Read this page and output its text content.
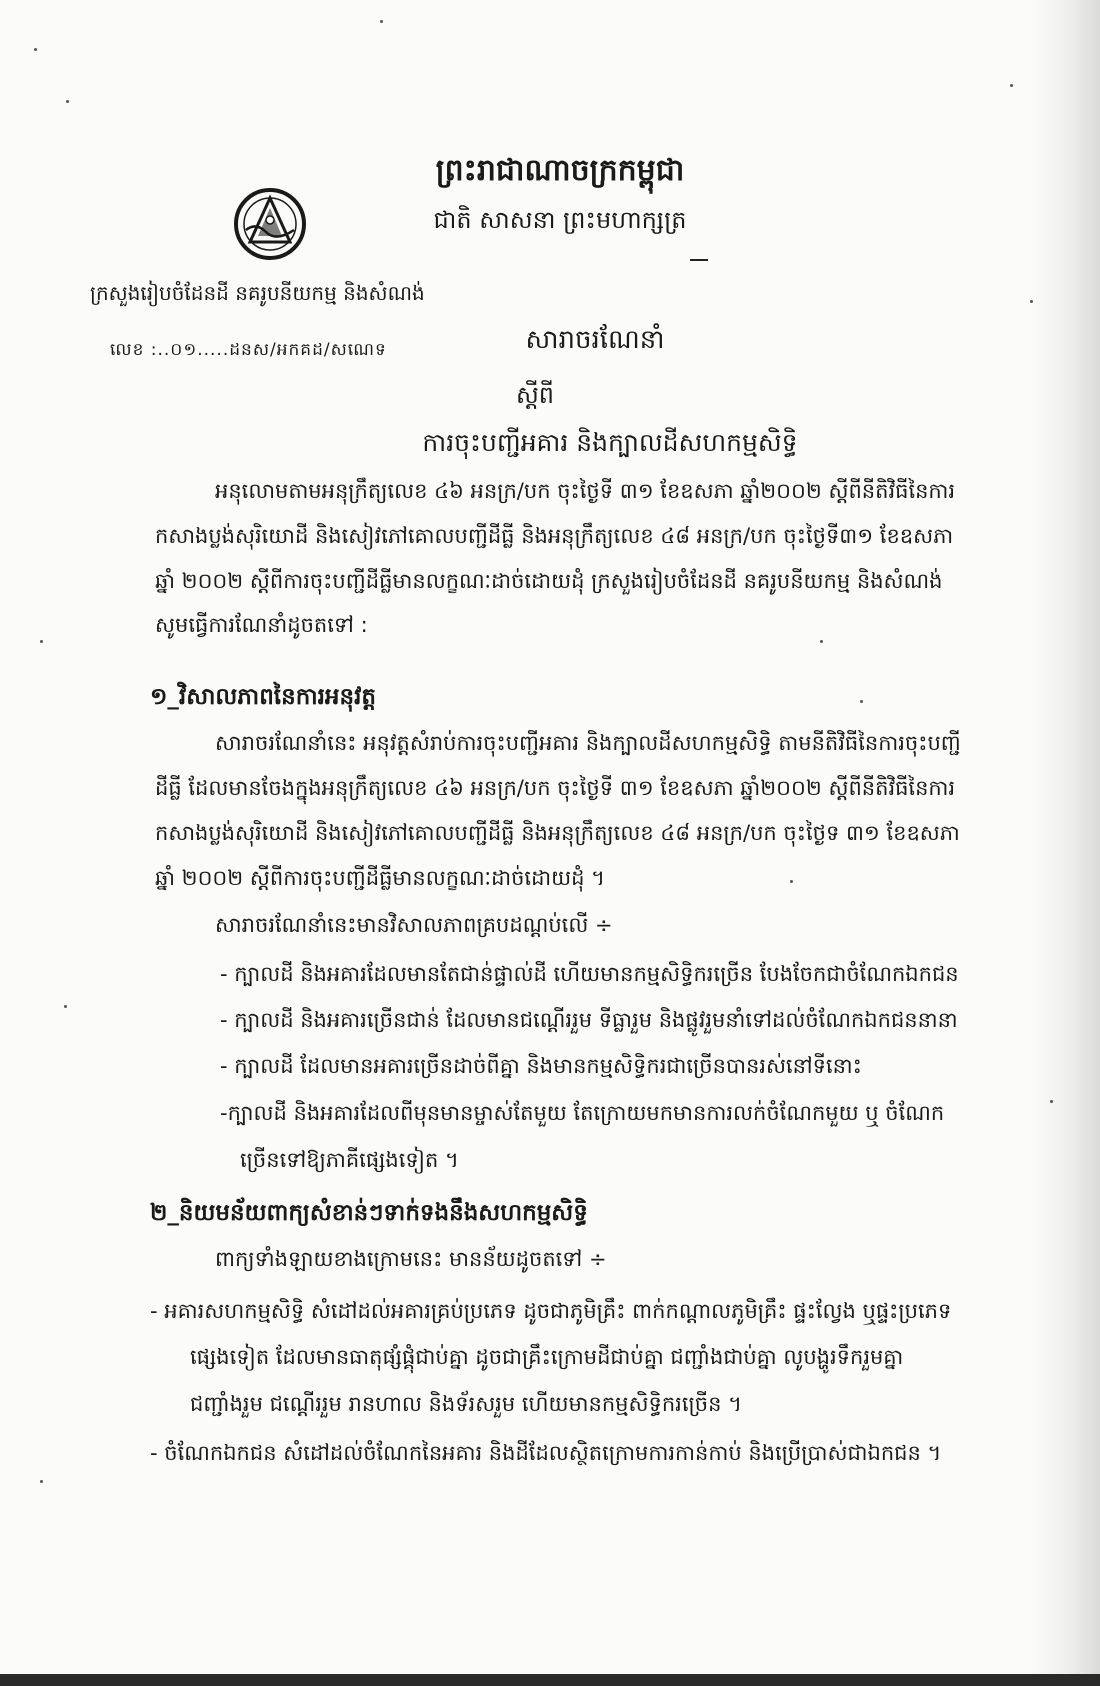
ព្រះរាជាណាចក្រកម្ពុជា
ជាតិ សាសនា ព្រះមហាក្សត្រ
ក្រសួងរៀបចំដែនដី នគរូបនីយកម្ម និងសំណង់
លេខ :..០១.....ដនស/អកគដ/សណេទ	សារាចរណែនាំ
ស្តីពី
ការចុះបញ្ជីអគារ និងក្បាលដីសហកម្មសិទ្ធិ
អនុលោមតាមអនុក្រឹត្យលេខ ៤៦ អនក្រ/បក ចុះថ្ងៃទី ៣១ ខែឧសភា ឆ្នាំ២០០២ ស្តីពីនីតិវិធីនៃការ
កសាងប្លង់សុរិយោដី និងសៀវភៅគោលបញ្ជីដីធ្លី និងអនុក្រឹត្យលេខ ៤៨ អនក្រ/បក ចុះថ្ងៃទី៣១ ខែឧសភា
ឆ្នាំ ២០០២ ស្តីពីការចុះបញ្ជីដីធ្លីមានលក្ខណៈដាច់ដោយដុំ ក្រសួងរៀបចំដែនដី នគរូបនីយកម្ម និងសំណង់
សូមធ្វើការណែនាំដូចតទៅ :
១_វិសាលភាពនៃការអនុវត្ត
សារាចរណែនាំនេះ អនុវត្តសំរាប់ការចុះបញ្ជីអគារ និងក្បាលដីសហកម្មសិទ្ធិ តាមនីតិវិធីនៃការចុះបញ្ជី
ដីធ្លី ដែលមានចែងក្នុងអនុក្រឹត្យលេខ ៤៦ អនក្រ/បក ចុះថ្ងៃទី ៣១ ខែឧសភា ឆ្នាំ២០០២ ស្តីពីនីតិវិធីនៃការ
កសាងប្លង់សុរិយោដី និងសៀវភៅគោលបញ្ជីដីធ្លី និងអនុក្រឹត្យលេខ ៤៨ អនក្រ/បក ចុះថ្ងៃទ ៣១ ខែឧសភា
ឆ្នាំ ២០០២ ស្តីពីការចុះបញ្ជីដីធ្លីមានលក្ខណៈដាច់ដោយដុំ ។
សារាចរណែនាំនេះមានវិសាលភាពគ្របដណ្តប់លើ ÷
- ក្បាលដី និងអគារដែលមានតែជាន់ផ្ទាល់ដី ហើយមានកម្មសិទ្ធិករច្រើន បែងចែកជាចំណែកឯកជន
- ក្បាលដី និងអគារច្រើនជាន់ ដែលមានជណ្តើររួម ទីធ្លារួម និងផ្លូវរួមនាំទៅដល់ចំណែកឯកជននានា
- ក្បាលដី ដែលមានអគារច្រើនដាច់ពីគ្នា និងមានកម្មសិទ្ធិករជាច្រើនបានរស់នៅទីនោះ
-ក្បាលដី និងអគារដែលពីមុនមានម្ចាស់តែមួយ តែក្រោយមកមានការលក់ចំណែកមួយ ឬ ចំណែក
ច្រើនទៅឱ្យភាគីផ្សេងទៀត ។
២_និយមន័យពាក្យសំខាន់ៗទាក់ទងនឹងសហកម្មសិទ្ធិ
ពាក្យទាំងឡាយខាងក្រោមនេះ មានន័យដូចតទៅ ÷
- អគារសហកម្មសិទ្ធិ សំដៅដល់អគារគ្រប់ប្រភេទ ដូចជាភូមិគ្រឹះ ពាក់កណ្តាលភូមិគ្រឹះ ផ្ទះល្វែង ឬផ្ទះប្រភេទ
ផ្សេងទៀត ដែលមានធាតុផ្សំផ្គុំជាប់គ្នា ដូចជាគ្រឹះក្រោមដីជាប់គ្នា ជញ្ជាំងជាប់គ្នា លូបង្ហូរទឹករួមគ្នា
ជញ្ជាំងរួម ជណ្តើររួម រានហាល និងទ័រសរួម ហើយមានកម្មសិទ្ធិករច្រើន ។
- ចំណែកឯកជន សំដៅដល់ចំណែកនៃអគារ និងដីដែលស្ថិតក្រោមការកាន់កាប់ និងប្រើប្រាស់ជាឯកជន ។
